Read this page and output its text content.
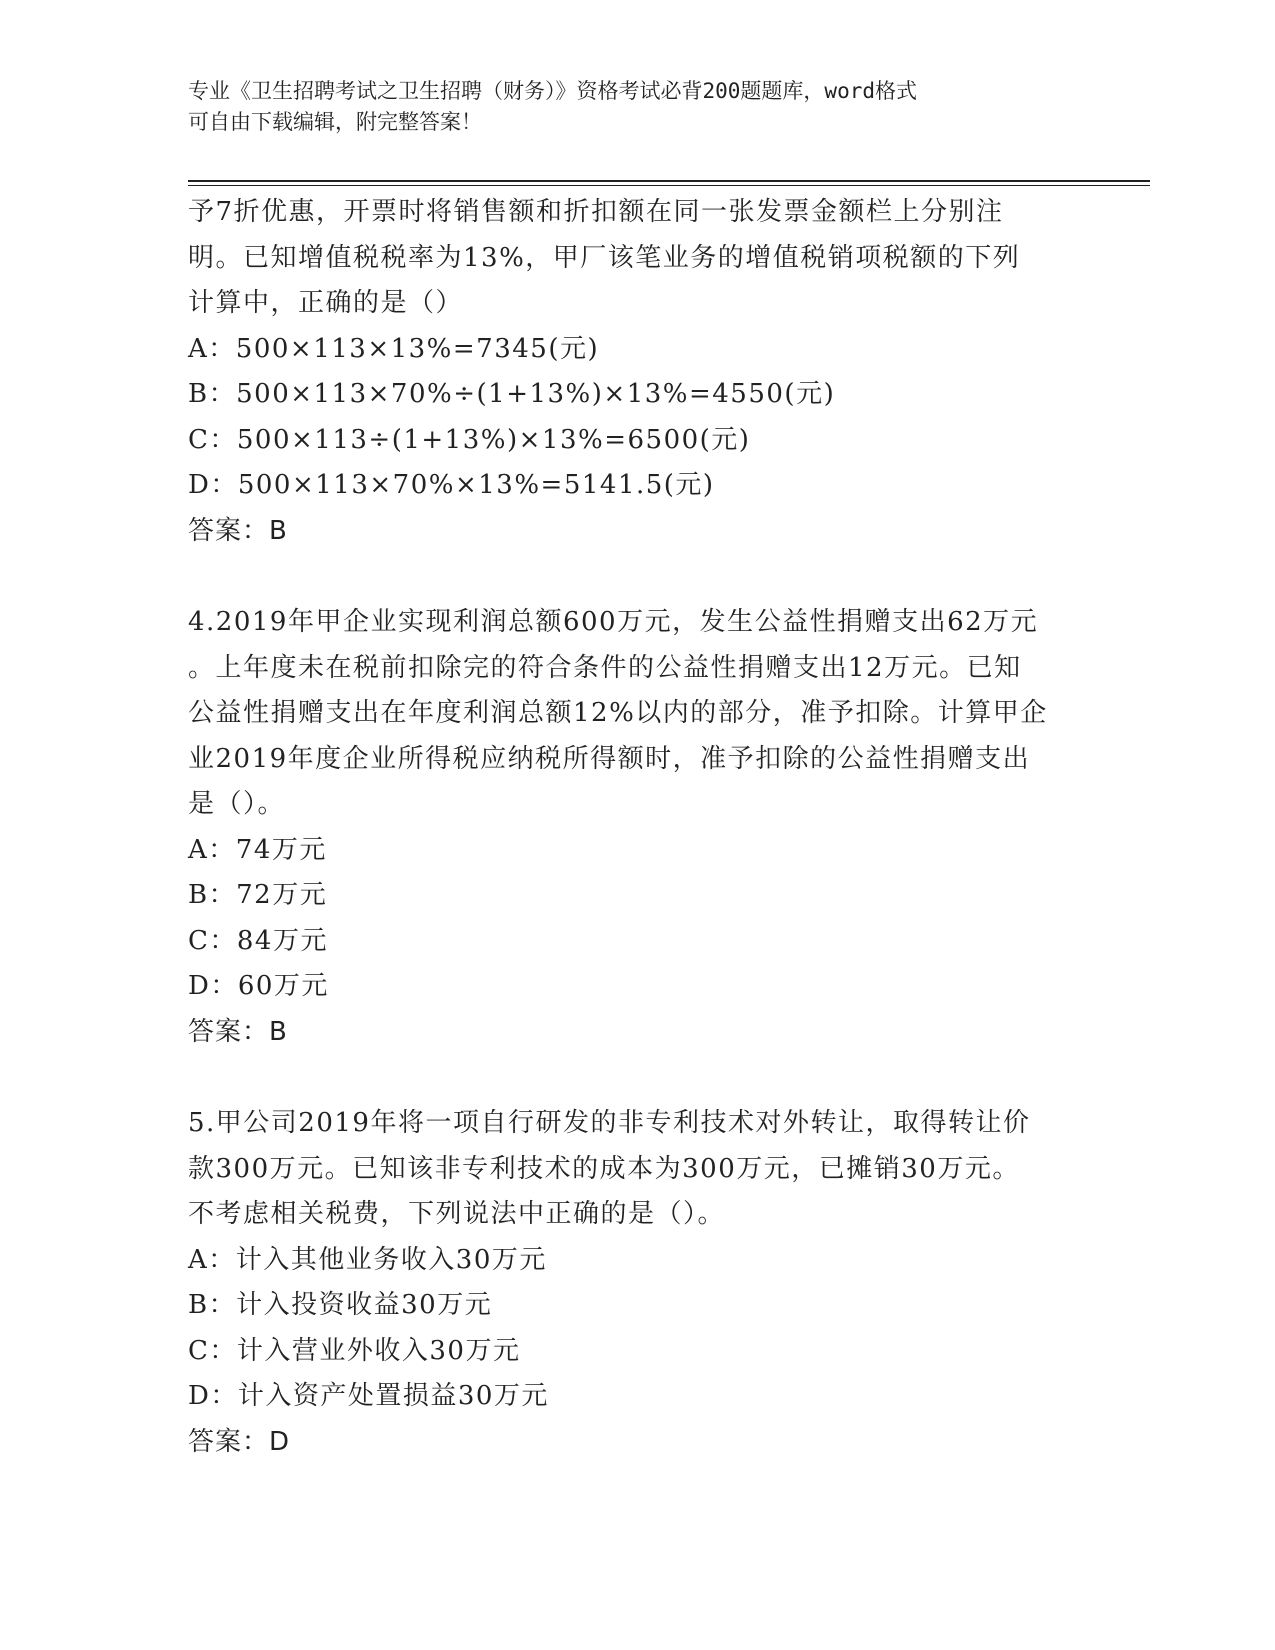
专业《卫生招聘考试之卫生招聘（财务）》资格考试必背200题题库，word格式
可自由下载编辑，附完整答案！
予7折优惠，开票时将销售额和折扣额在同一张发票金额栏上分别注
明。已知增值税税率为13%，甲厂该笔业务的增值税销项税额的下列
计算中，正确的是（）
A：500×113×13%=7345(元)
B：500×113×70%÷(1+13%)×13%=4550(元)
C：500×113÷(1+13%)×13%=6500(元)
D：500×113×70%×13%=5141.5(元)
答案：B
4.2019年甲企业实现利润总额600万元，发生公益性捐赠支出62万元
。上年度未在税前扣除完的符合条件的公益性捐赠支出12万元。已知
公益性捐赠支出在年度利润总额12%以内的部分，准予扣除。计算甲企
业2019年度企业所得税应纳税所得额时，准予扣除的公益性捐赠支出
是（）。
A：74万元
B：72万元
C：84万元
D：60万元
答案：B
5.甲公司2019年将一项自行研发的非专利技术对外转让，取得转让价
款300万元。已知该非专利技术的成本为300万元，已摊销30万元。
不考虑相关税费，下列说法中正确的是（）。
A：计入其他业务收入30万元
B：计入投资收益30万元
C：计入营业外收入30万元
D：计入资产处置损益30万元
答案：D
